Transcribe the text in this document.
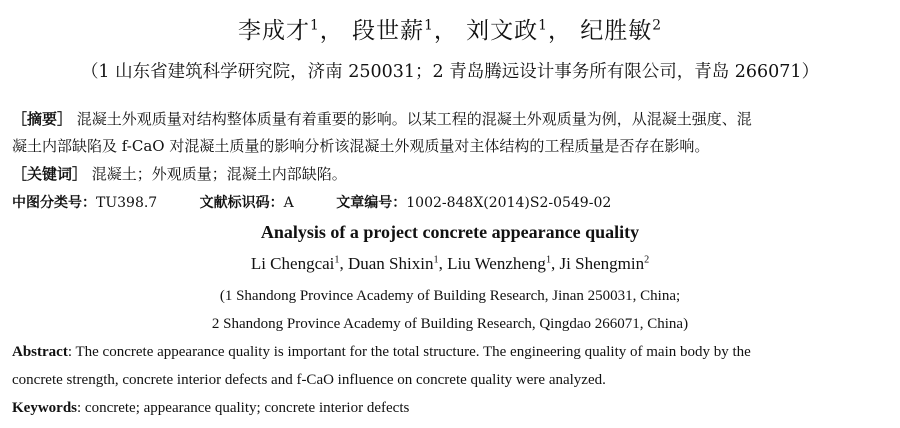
李成才$^1$， 段世薪$^1$， 刘文政$^1$， 纪胜敏$^2$
（1 山东省建筑科学研究院，济南 250031；2 青岛腾远设计事务所有限公司，青岛 266071）
［摘要］ 混凝土外观质量对结构整体质量有着重要的影响。以某工程的混凝土外观质量为例，从混凝土强度、混
凝土内部缺陷及 f-CaO 对混凝土质量的影响分析该混凝土外观质量对主体结构的工程质量是否存在影响。
［关键词］ 混凝土；外观质量；混凝土内部缺陷。
中图分类号：TU398.7	文献标识码：A	文章编号：1002-848X(2014)S2-0549-02
Analysis of a project concrete appearance quality
Li Chengcai$^1$, Duan Shixin$^1$, Liu Wenzheng$^1$, Ji Shengmin$^2$
(1 Shandong Province Academy of Building Research, Jinan 250031, China;
2 Shandong Province Academy of Building Research, Qingdao 266071, China)
Abstract: The concrete appearance quality is important for the total structure. The engineering quality of main body by the
concrete strength, concrete interior defects and f-CaO influence on concrete quality were analyzed.
Keywords: concrete; appearance quality; concrete interior defects
